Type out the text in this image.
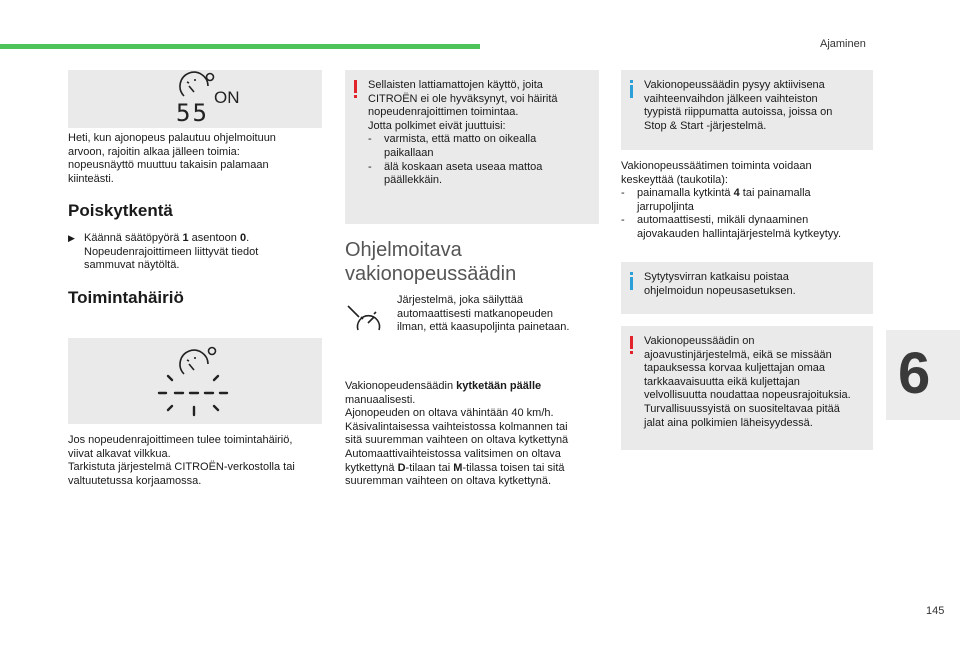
Ajaminen
6
145
55
ON

Heti, kun ajonopeus palautuu ohjelmoituun

arvoon, rajoitin alkaa jälleen toimia:

nopeusnäyttö muuttuu takaisin palamaan

kiinteästi.

Poiskytkentä
▶ Käännä säätöpyörä 1 asentoon 0.

Nopeudenrajoittimeen liittyvät tiedot

sammuvat näytöltä.

Toimintahäiriö

Jos nopeudenrajoittimeen tulee toimintahäiriö,

viivat alkavat vilkkua.

Tarkistuta järjestelmä CITROËN-verkostolla tai

valtuutetussa korjaamossa.

Sellaisten lattiamattojen käyttö, joita

CITROËN ei ole hyväksynyt, voi häiritä

nopeudenrajoittimen toimintaa.

Jotta polkimet eivät juuttuisi:

- varmista, että matto on oikealla

paikallaan

- älä koskaan aseta useaa mattoa

päällekkäin.

Ohjelmoitava
vakionopeussäädin

Järjestelmä, joka säilyttää

automaattisesti matkanopeuden

ilman, että kaasupoljinta painetaan.

Vakionopeudensäädin kytketään päälle

manuaalisesti.

Ajonopeuden on oltava vähintään 40 km/h.

Käsivalintaisessa vaihteistossa kolmannen tai

sitä suuremman vaihteen on oltava kytkettynä

Automaattivaihteistossa valitsimen on oltava

kytkettynä D-tilaan tai M-tilassa toisen tai sitä

suuremman vaihteen on oltava kytkettynä.

Vakionopeussäädin pysyy aktiivisena

vaihteenvaihdon jälkeen vaihteiston

tyypistä riippumatta autoissa, joissa on

Stop & Start -järjestelmä.

Vakionopeussäätimen toiminta voidaan

keskeyttää (taukotila):

- painamalla kytkintä 4 tai painamalla

jarrupoljinta

- automaattisesti, mikäli dynaaminen

ajovakauden hallintajärjestelmä kytkeytyy.

Sytytysvirran katkaisu poistaa

ohjelmoidun nopeusasetuksen.

Vakionopeussäädin on

ajoavustinjärjestelmä, eikä se missään

tapauksessa korvaa kuljettajan omaa

tarkkaavaisuutta eikä kuljettajan

velvollisuutta noudattaa nopeusrajoituksia.

Turvallisuussyistä on suositeltavaa pitää

jalat aina polkimien läheisyydessä.
